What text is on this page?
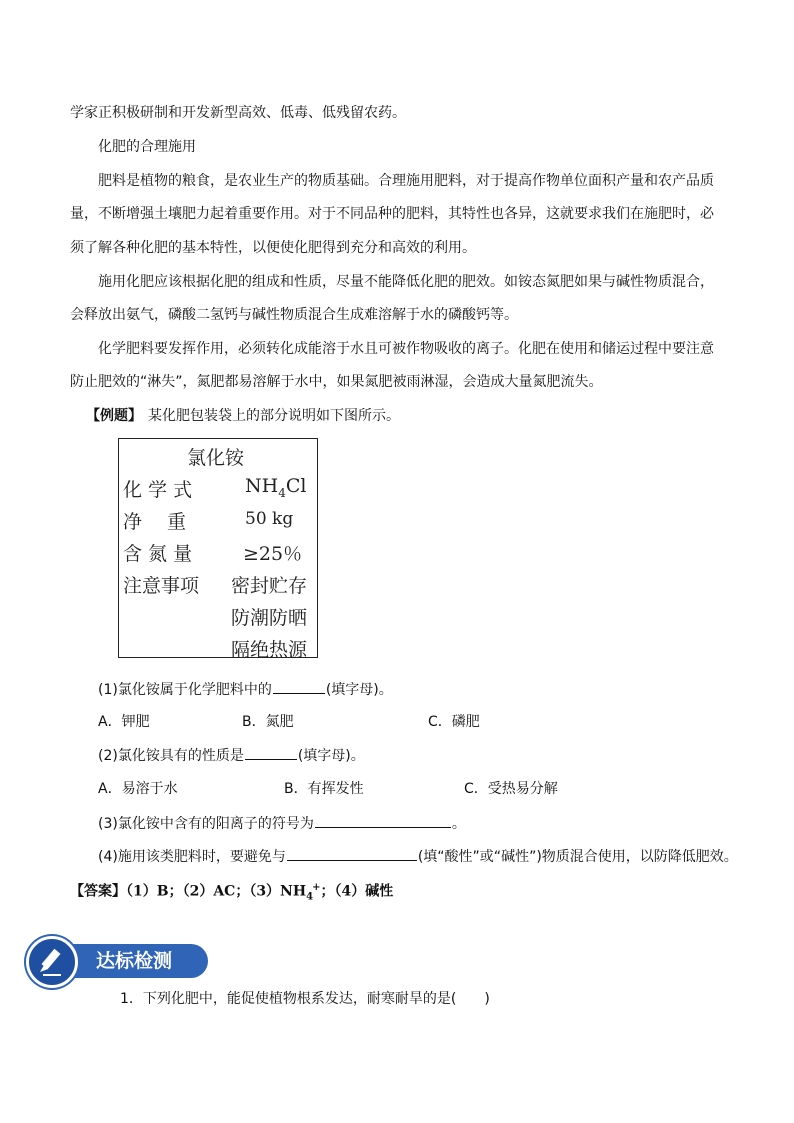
学家正积极研制和开发新型高效、低毒、低残留农药。
化肥的合理施用
肥料是植物的粮食，是农业生产的物质基础。合理施用肥料，对于提高作物单位面积产量和农产品质
量，不断增强土壤肥力起着重要作用。对于不同品种的肥料，其特性也各异，这就要求我们在施肥时，必
须了解各种化肥的基本特性，以便使化肥得到充分和高效的利用。
施用化肥应该根据化肥的组成和性质，尽量不能降低化肥的肥效。如铵态氮肥如果与碱性物质混合，
会释放出氨气，磷酸二氢钙与碱性物质混合生成难溶解于水的磷酸钙等。
化学肥料要发挥作用，必须转化成能溶于水且可被作物吸收的离子。化肥在使用和储运过程中要注意
防止肥效的“淋失”，氮肥都易溶解于水中，如果氮肥被雨淋湿，会造成大量氮肥流失。
【例题】 某化肥包装袋上的部分说明如下图所示。
氯化铵
化 学 式	$NH_4Cl$
净　 重	50 kg
含 氮 量	≥25％
注意事项 密封贮存
防潮防晒
隔绝热源
(1)氯化铵属于化学肥料中的	(填字母)。
A．钾肥	B．氮肥	C．磷肥
(2)氯化铵具有的性质是	(填字母)。
A．易溶于水	B．有挥发性	C．受热易分解
(3)氯化铵中含有的阳离子的符号为	。
(4)施用该类肥料时，要避免与	(填“酸性”或“碱性”)物质混合使用，以防降低肥效。
【答案】（1）B；（2）AC；$(3)NH_4^+$；（4）碱性
达标检测
1．下列化肥中，能促使植物根系发达，耐寒耐旱的是(　　)
